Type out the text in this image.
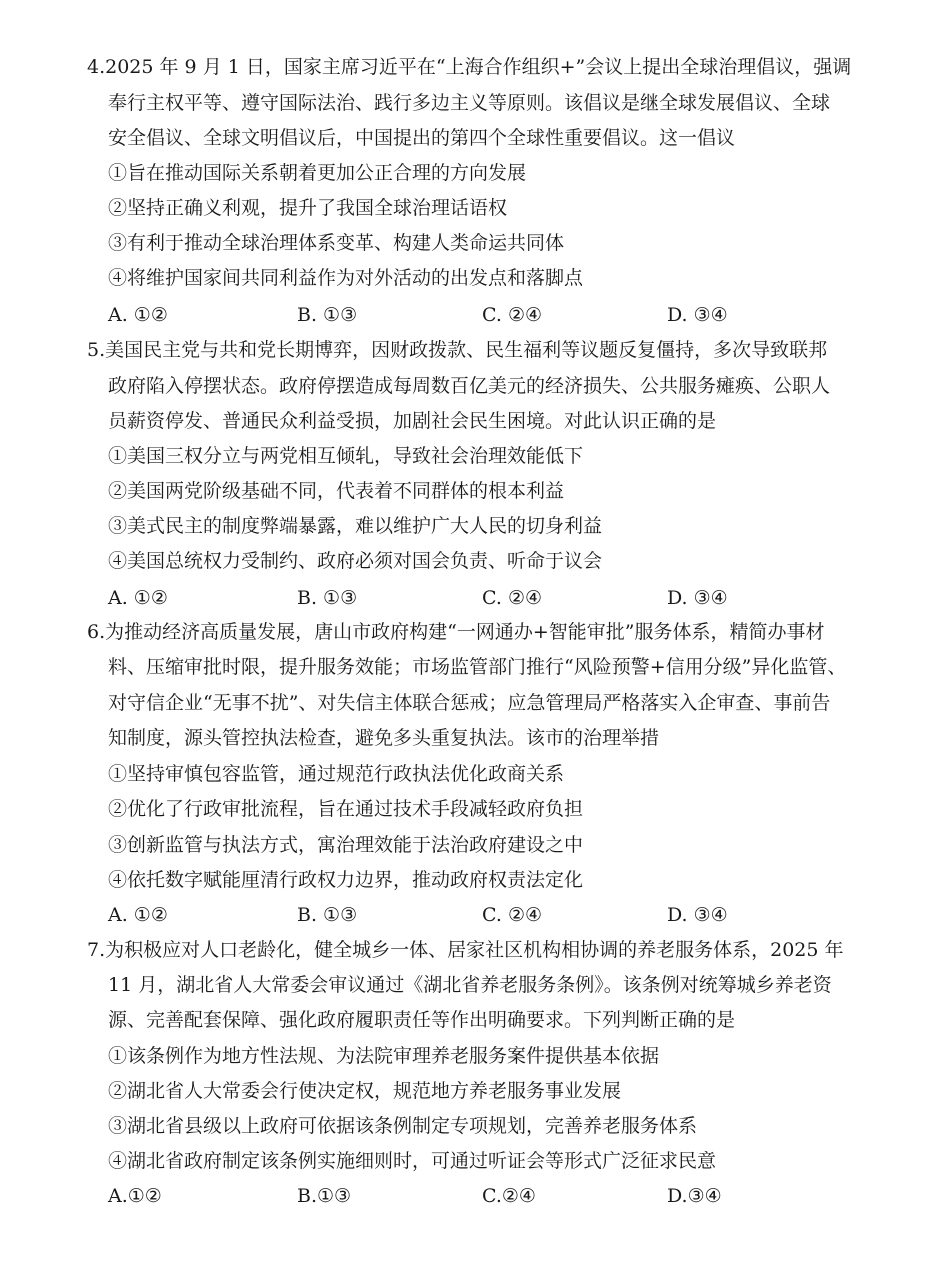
4.2025 年 9 月 1 日，国家主席习近平在“上海合作组织+”会议上提出全球治理倡议，强调
奉行主权平等、遵守国际法治、践行多边主义等原则。该倡议是继全球发展倡议、全球
安全倡议、全球文明倡议后，中国提出的第四个全球性重要倡议。这一倡议
①旨在推动国际关系朝着更加公正合理的方向发展
②坚持正确义利观，提升了我国全球治理话语权
③有利于推动全球治理体系变革、构建人类命运共同体
④将维护国家间共同利益作为对外活动的出发点和落脚点
A. ①②	B. ①③	C. ②④	D. ③④
5.美国民主党与共和党长期博弈，因财政拨款、民生福利等议题反复僵持，多次导致联邦
政府陷入停摆状态。政府停摆造成每周数百亿美元的经济损失、公共服务瘫痪、公职人
员薪资停发、普通民众利益受损，加剧社会民生困境。对此认识正确的是
①美国三权分立与两党相互倾轧，导致社会治理效能低下
②美国两党阶级基础不同，代表着不同群体的根本利益
③美式民主的制度弊端暴露，难以维护广大人民的切身利益
④美国总统权力受制约、政府必须对国会负责、听命于议会
A. ①②	B. ①③	C. ②④	D. ③④
6.为推动经济高质量发展，唐山市政府构建“一网通办+智能审批”服务体系，精简办事材
料、压缩审批时限，提升服务效能；市场监管部门推行“风险预警+信用分级”异化监管、
对守信企业“无事不扰”、对失信主体联合惩戒；应急管理局严格落实入企审查、事前告
知制度，源头管控执法检查，避免多头重复执法。该市的治理举措
①坚持审慎包容监管，通过规范行政执法优化政商关系
②优化了行政审批流程，旨在通过技术手段减轻政府负担
③创新监管与执法方式，寓治理效能于法治政府建设之中
④依托数字赋能厘清行政权力边界，推动政府权责法定化
A. ①②	B. ①③	C. ②④	D. ③④
7.为积极应对人口老龄化，健全城乡一体、居家社区机构相协调的养老服务体系，2025 年
11 月，湖北省人大常委会审议通过《湖北省养老服务条例》。该条例对统筹城乡养老资
源、完善配套保障、强化政府履职责任等作出明确要求。下列判断正确的是
①该条例作为地方性法规、为法院审理养老服务案件提供基本依据
②湖北省人大常委会行使决定权，规范地方养老服务事业发展
③湖北省县级以上政府可依据该条例制定专项规划，完善养老服务体系
④湖北省政府制定该条例实施细则时，可通过听证会等形式广泛征求民意
A.①②	B.①③	C.②④	D.③④
